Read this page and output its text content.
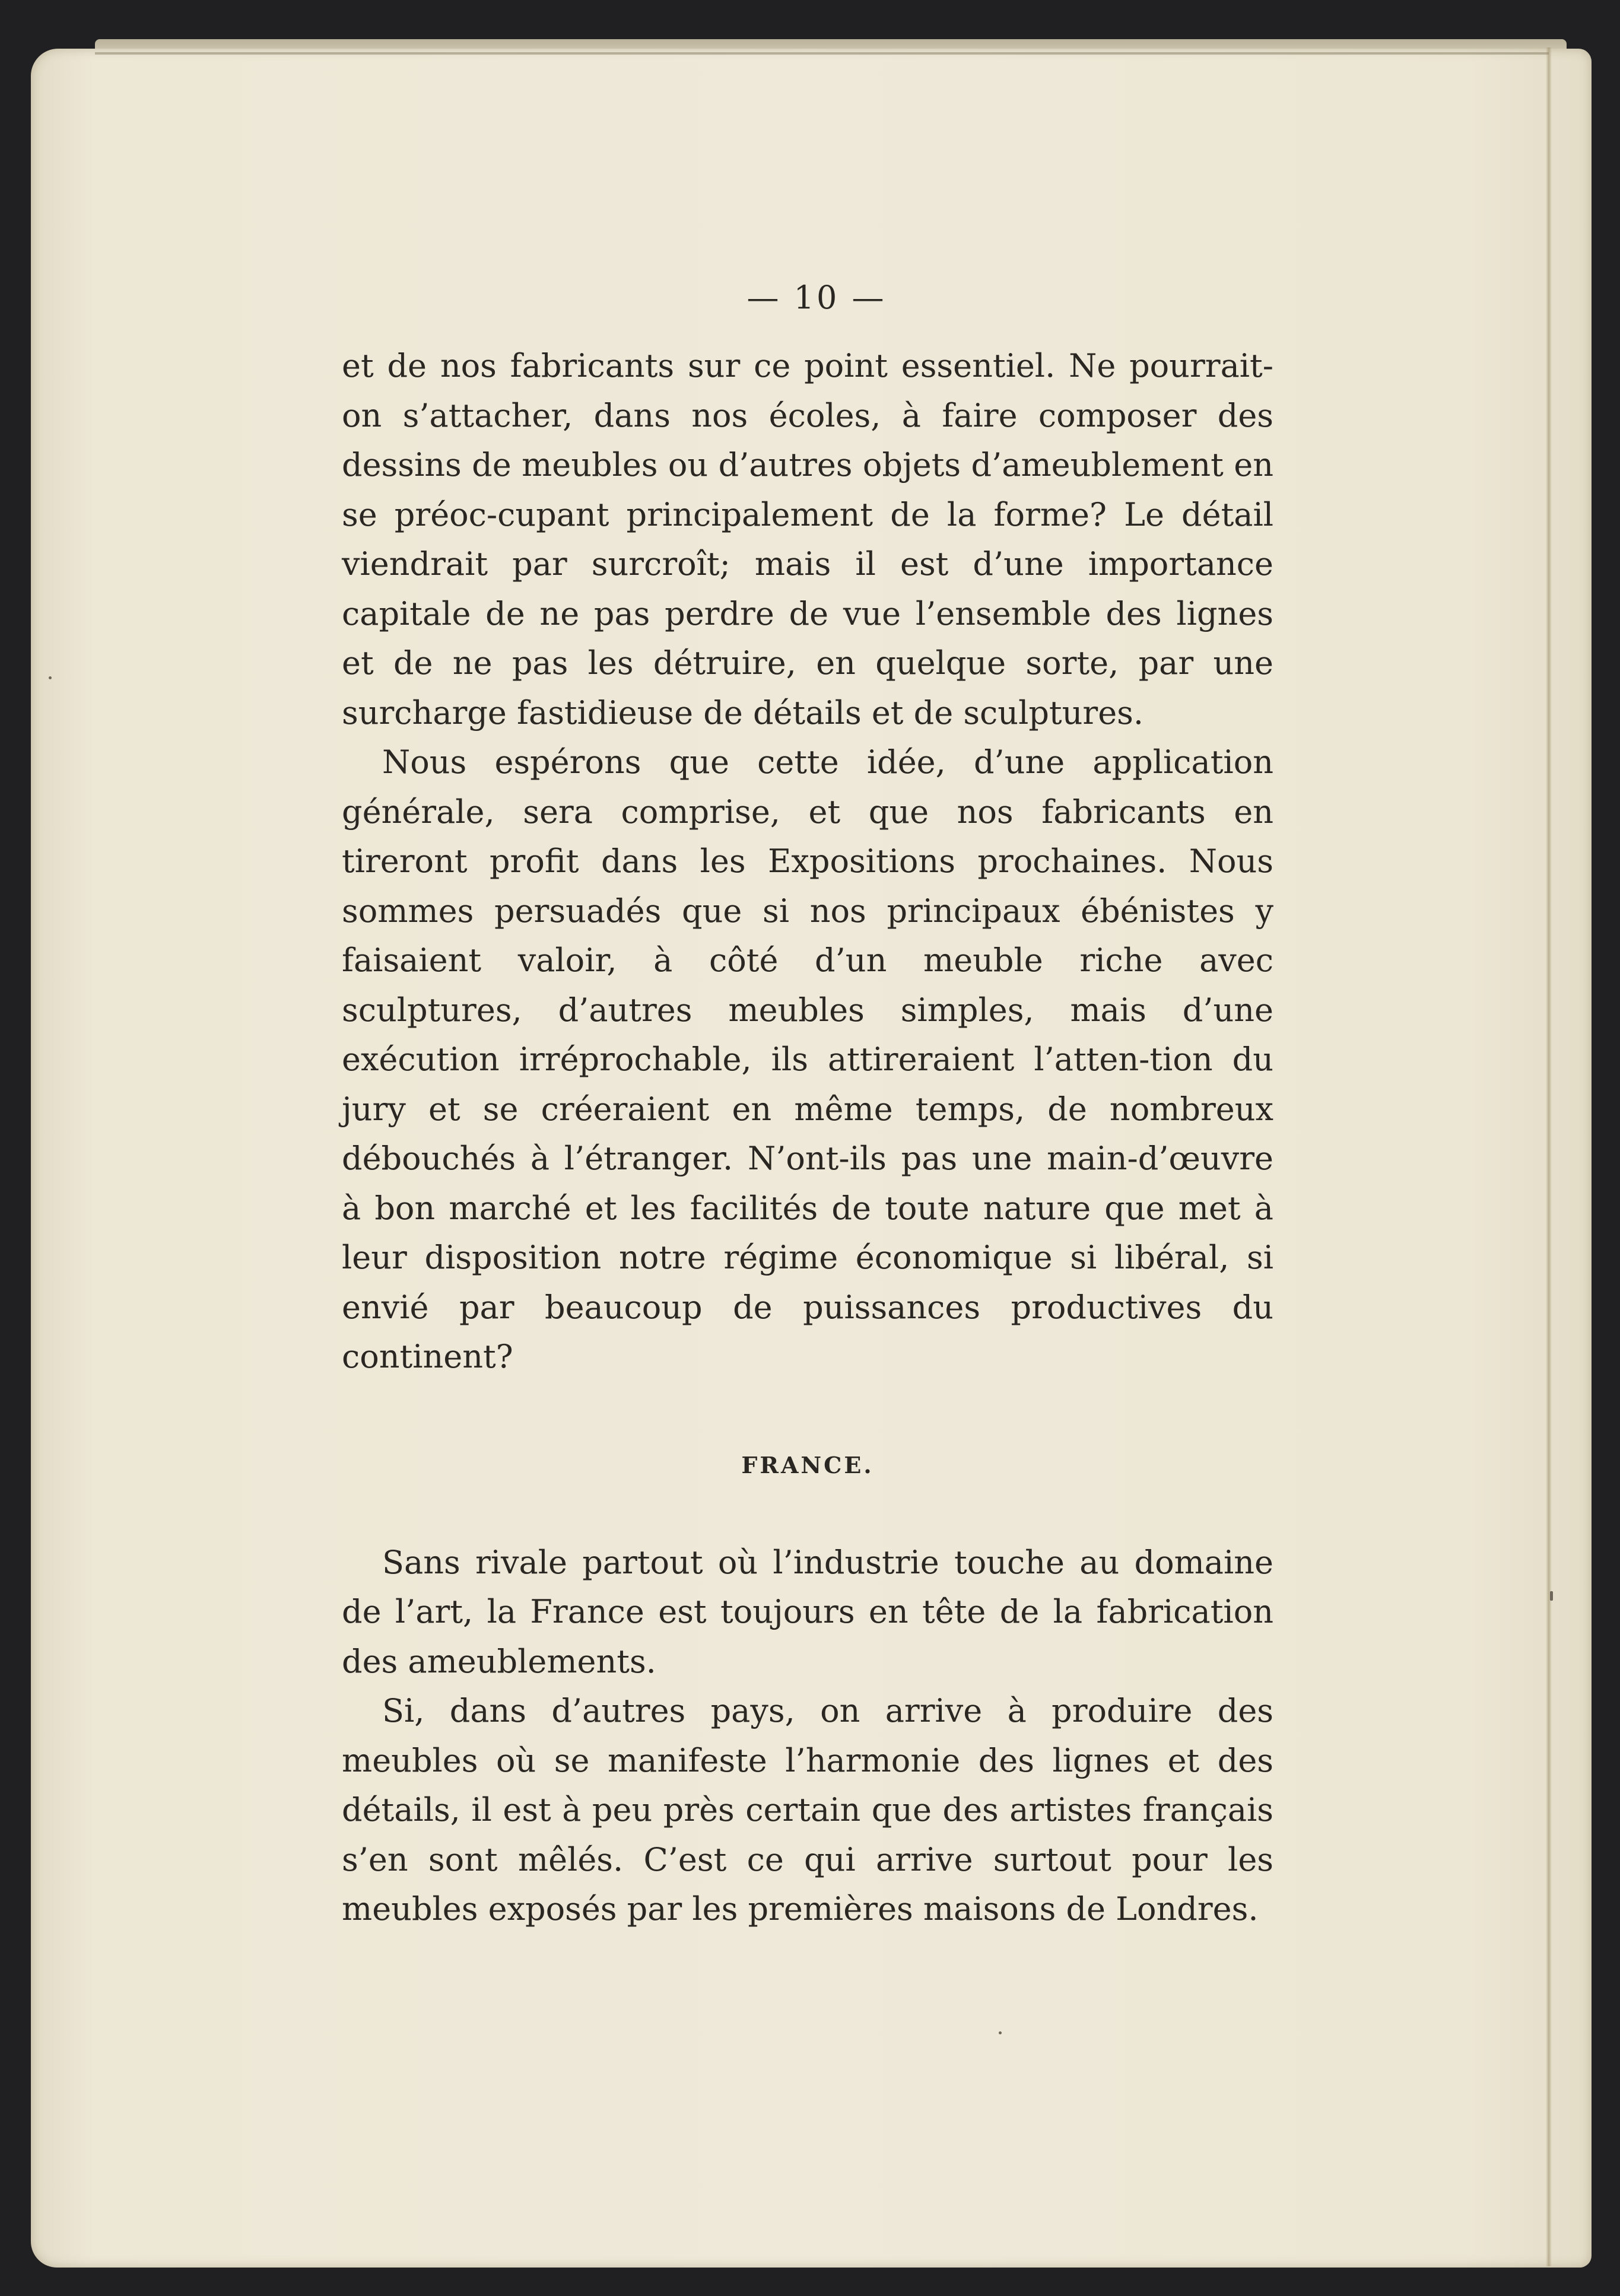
— 10 —

et de nos fabricants sur ce point essentiel. Ne pourrait-on s’attacher, dans nos écoles, à faire composer des dessins de meubles ou d’autres objets d’ameublement en se préoc-cupant principalement de la forme? Le détail viendrait par surcroît; mais il est d’une importance capitale de ne pas perdre de vue l’ensemble des lignes et de ne pas les détruire, en quelque sorte, par une surcharge fastidieuse de détails et de sculptures.

Nous espérons que cette idée, d’une application générale, sera comprise, et que nos fabricants en tireront profit dans les Expositions prochaines. Nous sommes persuadés que si nos principaux ébénistes y faisaient valoir, à côté d’un meuble riche avec sculptures, d’autres meubles simples, mais d’une exécution irréprochable, ils attireraient l’atten-tion du jury et se créeraient en même temps, de nombreux débouchés à l’étranger. N’ont-ils pas une main-d’œuvre à bon marché et les facilités de toute nature que met à leur disposition notre régime économique si libéral, si envié par beaucoup de puissances productives du continent?

FRANCE.

Sans rivale partout où l’industrie touche au domaine de l’art, la France est toujours en tête de la fabrication des ameublements.

Si, dans d’autres pays, on arrive à produire des meubles où se manifeste l’harmonie des lignes et des détails, il est à peu près certain que des artistes français s’en sont mêlés. C’est ce qui arrive surtout pour les meubles exposés par les premières maisons de Londres.
